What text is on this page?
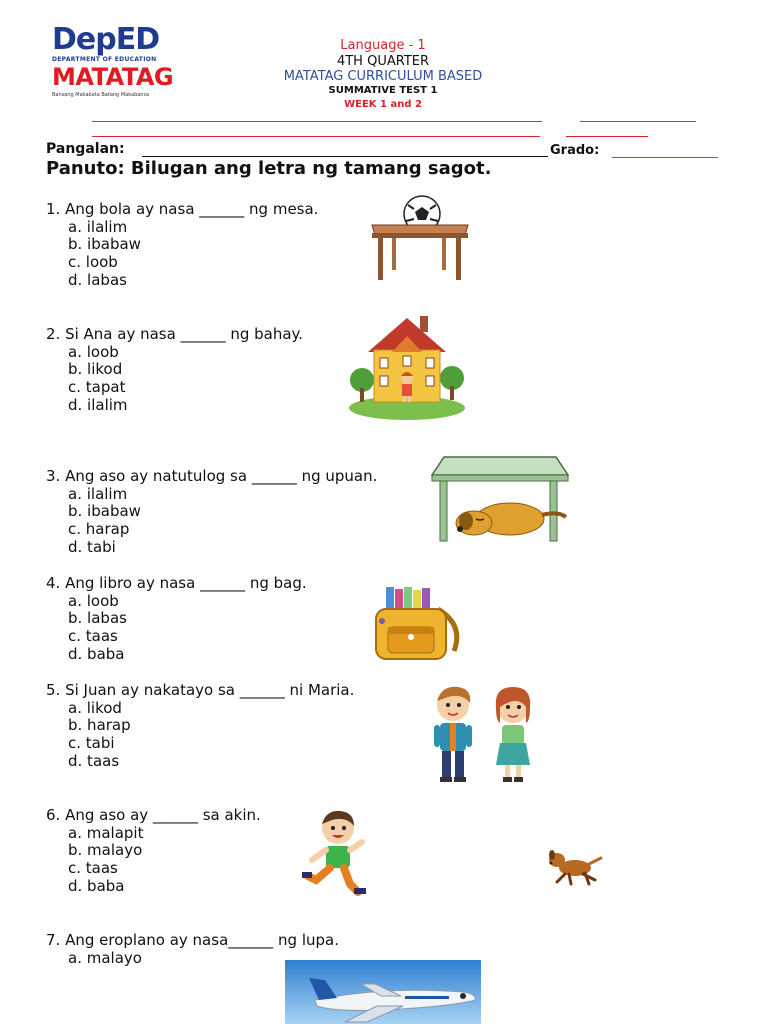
DepED
DEPARTMENT OF EDUCATION
MATATAG
Bansang Makabata Batang Makabansa
Language - 1
4TH QUARTER
MATATAG CURRICULUM BASED
SUMMATIVE TEST 1
WEEK 1 and 2
Pangalan:	Grado:
Panuto: Bilugan ang letra ng tamang sagot.
1. Ang bola ay nasa ______ ng mesa.
a. ilalim
b. ibabaw
c. loob
d. labas
2. Si Ana ay nasa ______ ng bahay.
a. loob
b. likod
c. tapat
d. ilalim
3. Ang aso ay natutulog sa ______ ng upuan.
a. ilalim
b. ibabaw
c. harap
d. tabi
4. Ang libro ay nasa ______ ng bag.
a. loob
b. labas
c. taas
d. baba
5. Si Juan ay nakatayo sa ______ ni Maria.
a. likod
b. harap
c. tabi
d. taas
6. Ang aso ay ______ sa akin.
a. malapit
b. malayo
c. taas
d. baba
7. Ang eroplano ay nasa______ ng lupa.
a. malayo
